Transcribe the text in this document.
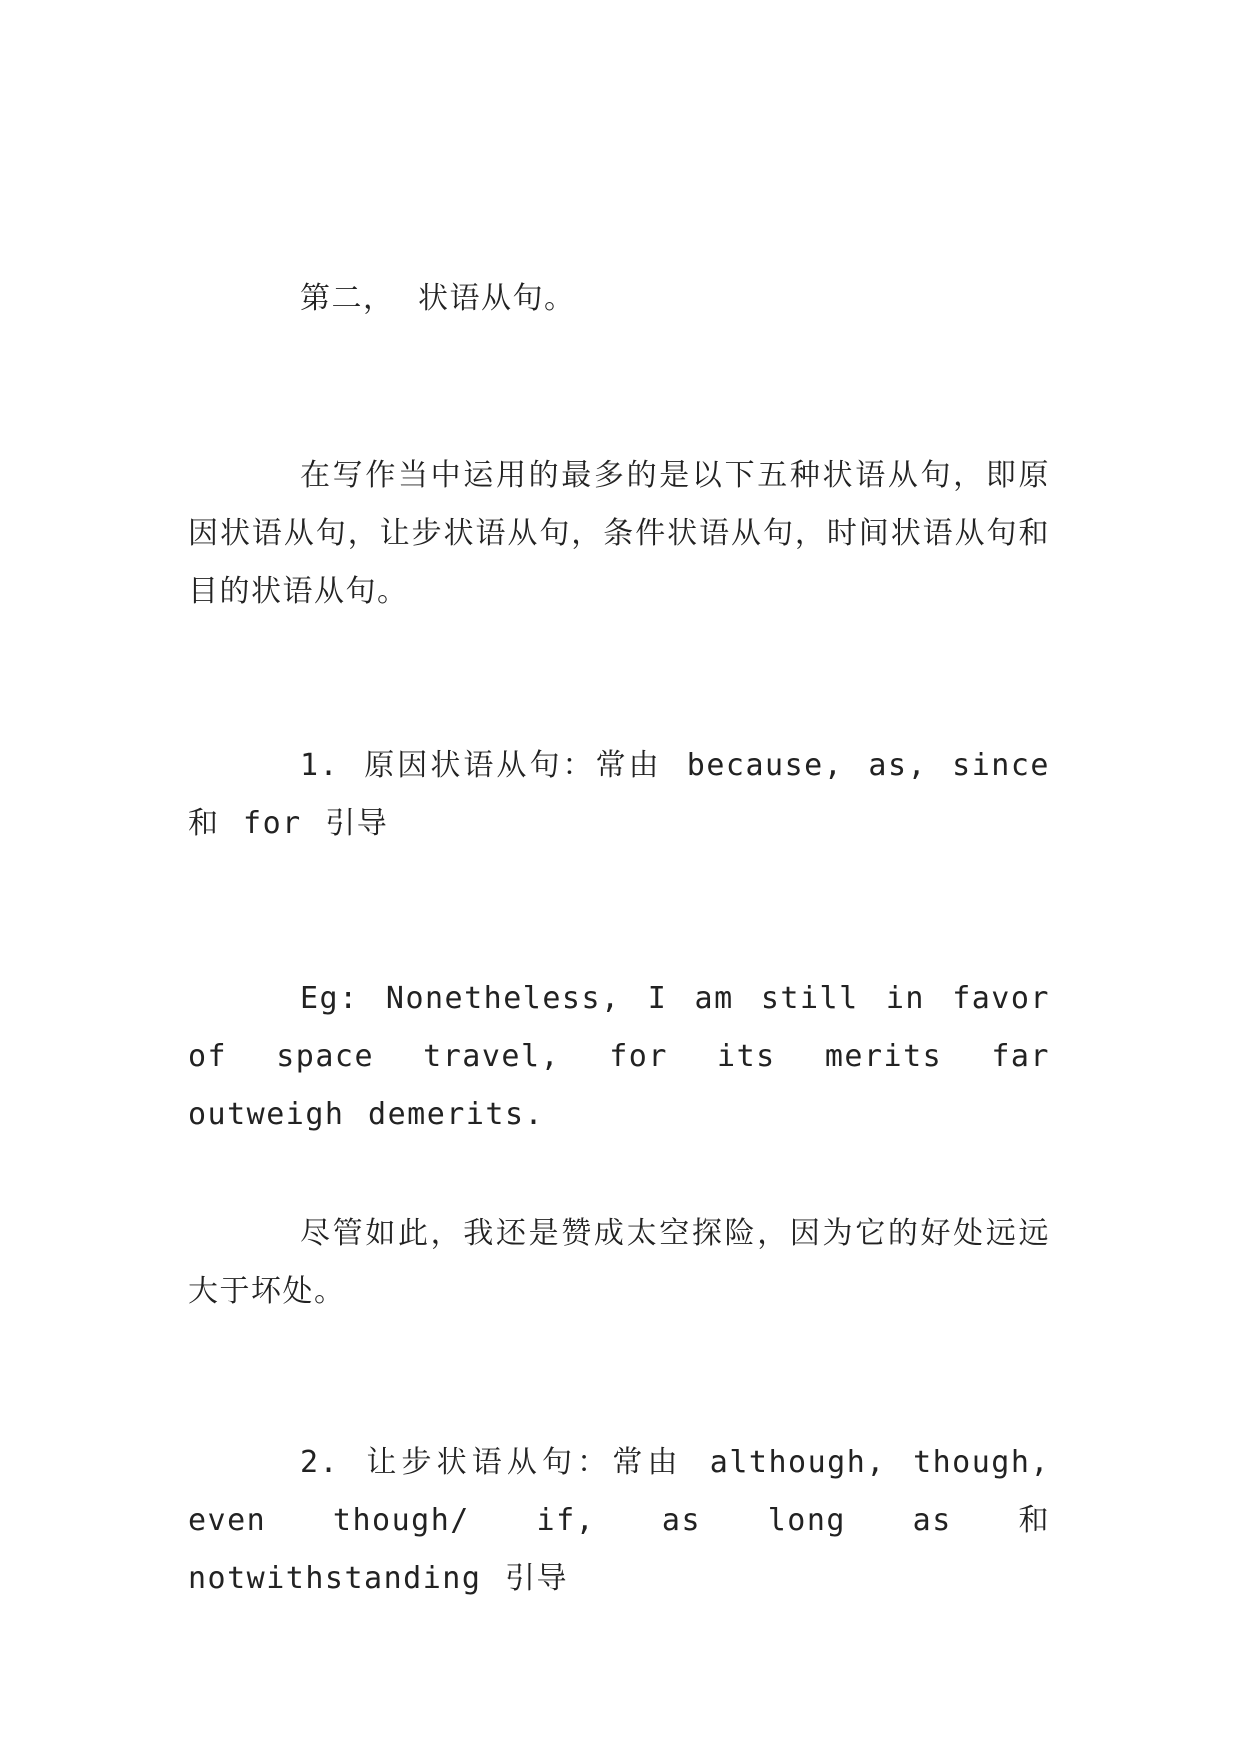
第二， 状语从句。

在写作当中运用的最多的是以下五种状语从句，即原因状语从句，让步状语从句，条件状语从句，时间状语从句和目的状语从句。

1. 原因状语从句：常由 because, as, since 和 for 引导

Eg: Nonetheless, I am still in favor of space travel, for its merits far outweigh demerits.

尽管如此，我还是赞成太空探险，因为它的好处远远大于坏处。

2. 让步状语从句：常由 although, though, even though/ if, as long as 和 notwithstanding 引导
